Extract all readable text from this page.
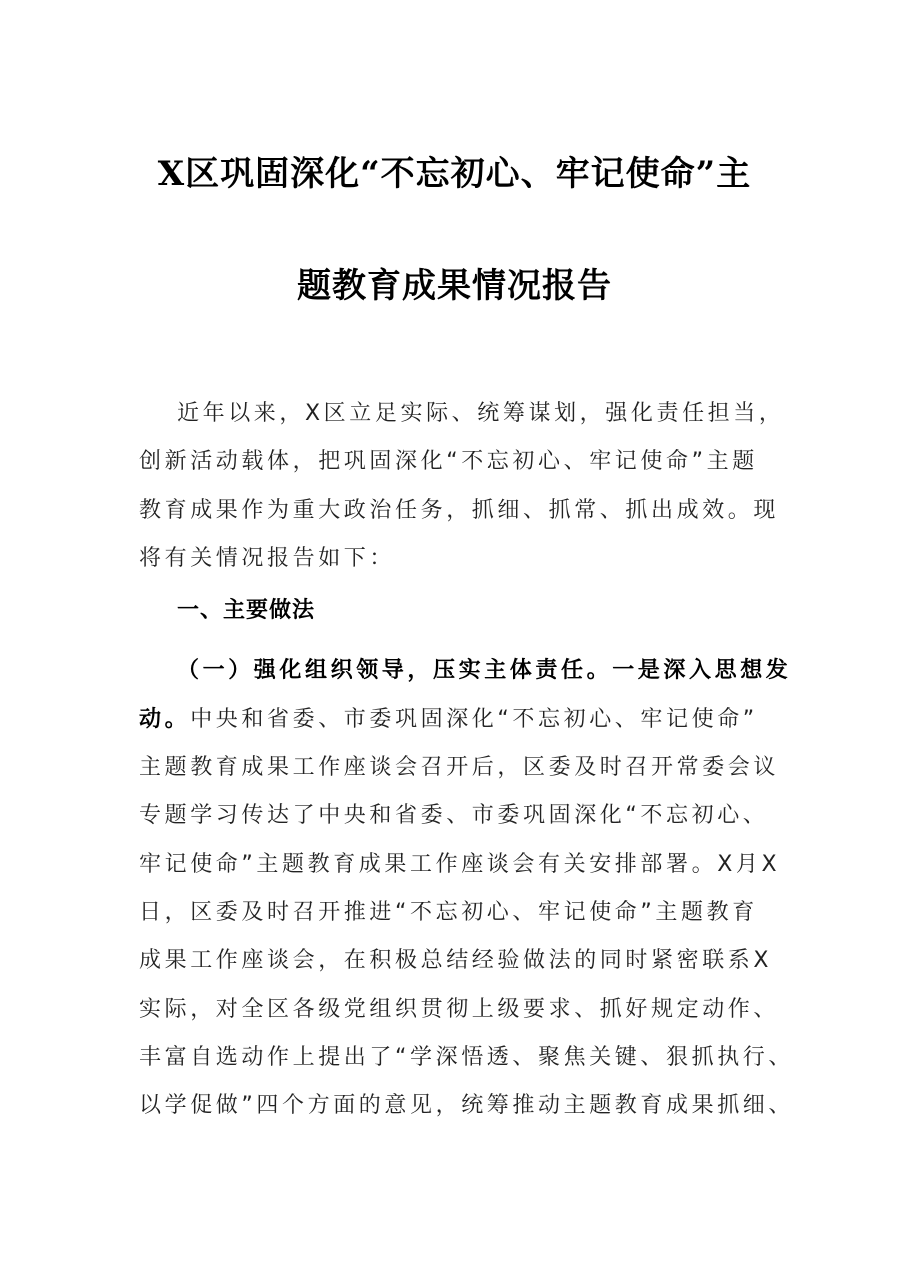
X区巩固深化“不忘初心、牢记使命”主
题教育成果情况报告
近年以来，X区立足实际、统筹谋划，强化责任担当，
创新活动载体，把巩固深化“不忘初心、牢记使命”主题
教育成果作为重大政治任务，抓细、抓常、抓出成效。现
将有关情况报告如下：
一、主要做法
（一）强化组织领导，压实主体责任。一是深入思想发
动。中央和省委、市委巩固深化“不忘初心、牢记使命”
主题教育成果工作座谈会召开后，区委及时召开常委会议
专题学习传达了中央和省委、市委巩固深化“不忘初心、
牢记使命”主题教育成果工作座谈会有关安排部署。X月X
日，区委及时召开推进“不忘初心、牢记使命”主题教育
成果工作座谈会，在积极总结经验做法的同时紧密联系X
实际，对全区各级党组织贯彻上级要求、抓好规定动作、
丰富自选动作上提出了“学深悟透、聚焦关键、狠抓执行、
以学促做”四个方面的意见，统筹推动主题教育成果抓细、
